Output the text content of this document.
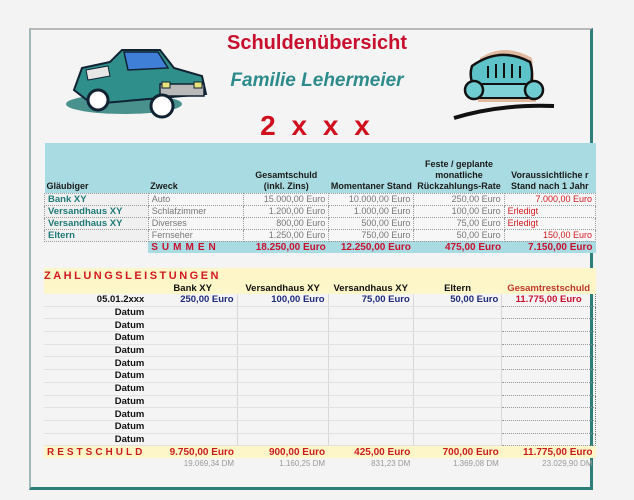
Schuldenübersicht
Familie Lehermeier
2 x x x
Gläubiger	Zweck	Gesamtschuld (inkl. Zins)	Momentaner Stand	Feste / geplante monatliche Rückzahlungs-Rate	Voraussichtliche r Stand nach 1 Jahr
Bank XY	Auto	15.000,00 Euro	10.000,00 Euro	250,00 Euro	7.000,00 Euro
Versandhaus XY	Schlafzimmer	1.200,00 Euro	1.000,00 Euro	100,00 Euro	Erledigt
Versandhaus XY	Diverses	800,00 Euro	500,00 Euro	75,00 Euro	Erledigt
Eltern	Fernseher	1.250,00 Euro	750,00 Euro	50,00 Euro	150,00 Euro
	SUMMEN	18.250,00 Euro	12.250,00 Euro	475,00 Euro	7.150,00 Euro
ZAHLUNGSLEISTUNGEN					
	Bank XY	Versandhaus XY	Versandhaus XY	Eltern	Gesamtrestschuld
05.01.2xxx	250,00 Euro	100,00 Euro	75,00 Euro	50,00 Euro	11.775,00 Euro
Datum					
Datum					
Datum					
Datum					
Datum					
Datum					
Datum					
Datum					
Datum					
Datum					
Datum					
RESTSCHULD	9.750,00 Euro	900,00 Euro	425,00 Euro	700,00 Euro	11.775,00 Euro
	19.069,34 DM	1.160,25 DM	831,23 DM	1.369,08 DM	23.029,90 DM
